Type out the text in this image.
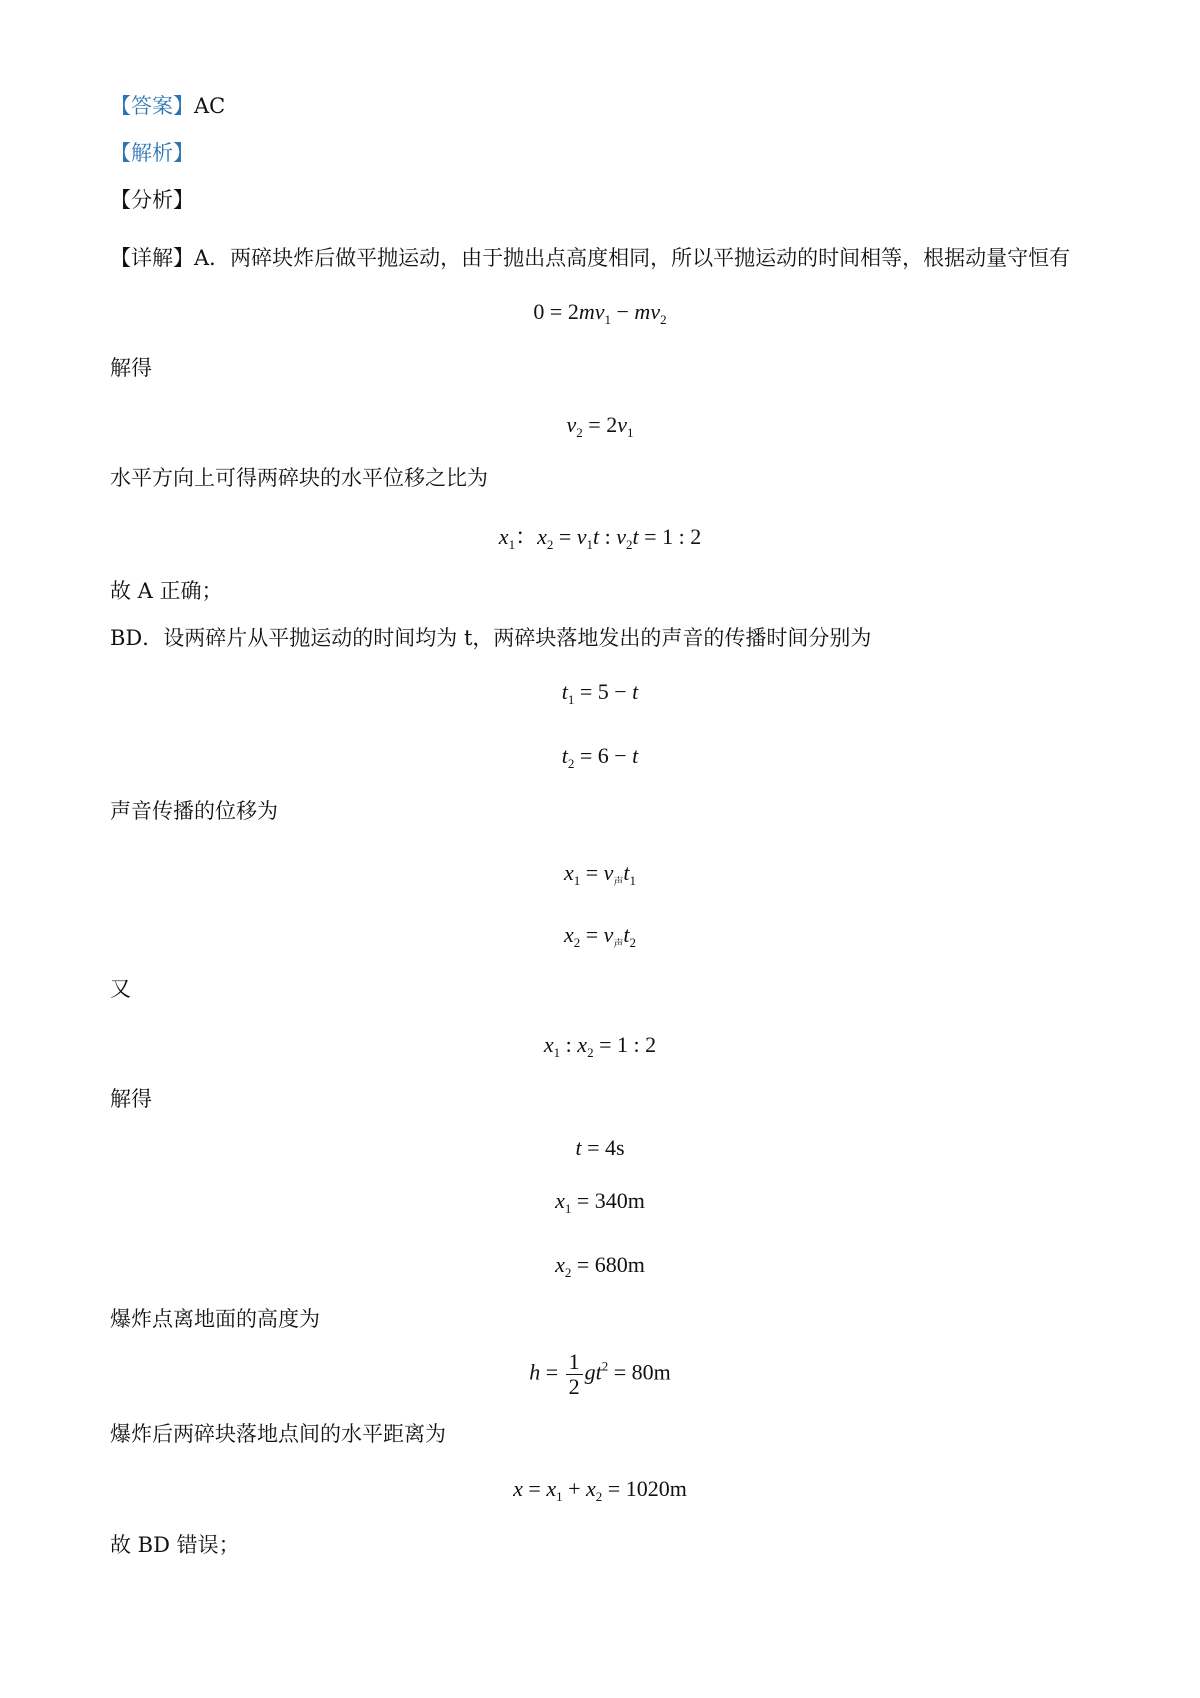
【答案】AC
【解析】
【分析】
【详解】A．两碎块炸后做平抛运动，由于抛出点高度相同，所以平抛运动的时间相等，根据动量守恒有
$0 = 2mv_1 - mv_2$
解得
$v_2 = 2v_1$
水平方向上可得两碎块的水平位移之比为
$x_1$：$x_2 = v_1t$ : $v_2t = 1$ : 2
故 A 正确；
BD．设两碎片从平抛运动的时间均为 t，两碎块落地发出的声音的传播时间分别为
$t_1 = 5 - t$
$t_2 = 6 - t$
声音传播的位移为
$x_1 = v_声t_1$
$x_2 = v_声t_2$
又
$x_1$ : $x_2 = 1$ : 2
解得
t = 4s
$x_1 = 340m$
$x_2 = 680m$
爆炸点离地面的高度为
$h = \frac{1}{2} gt^2 = 80m$
爆炸后两碎块落地点间的水平距离为
$x = x_1 + x_2 = 1020m$
故 BD 错误；
